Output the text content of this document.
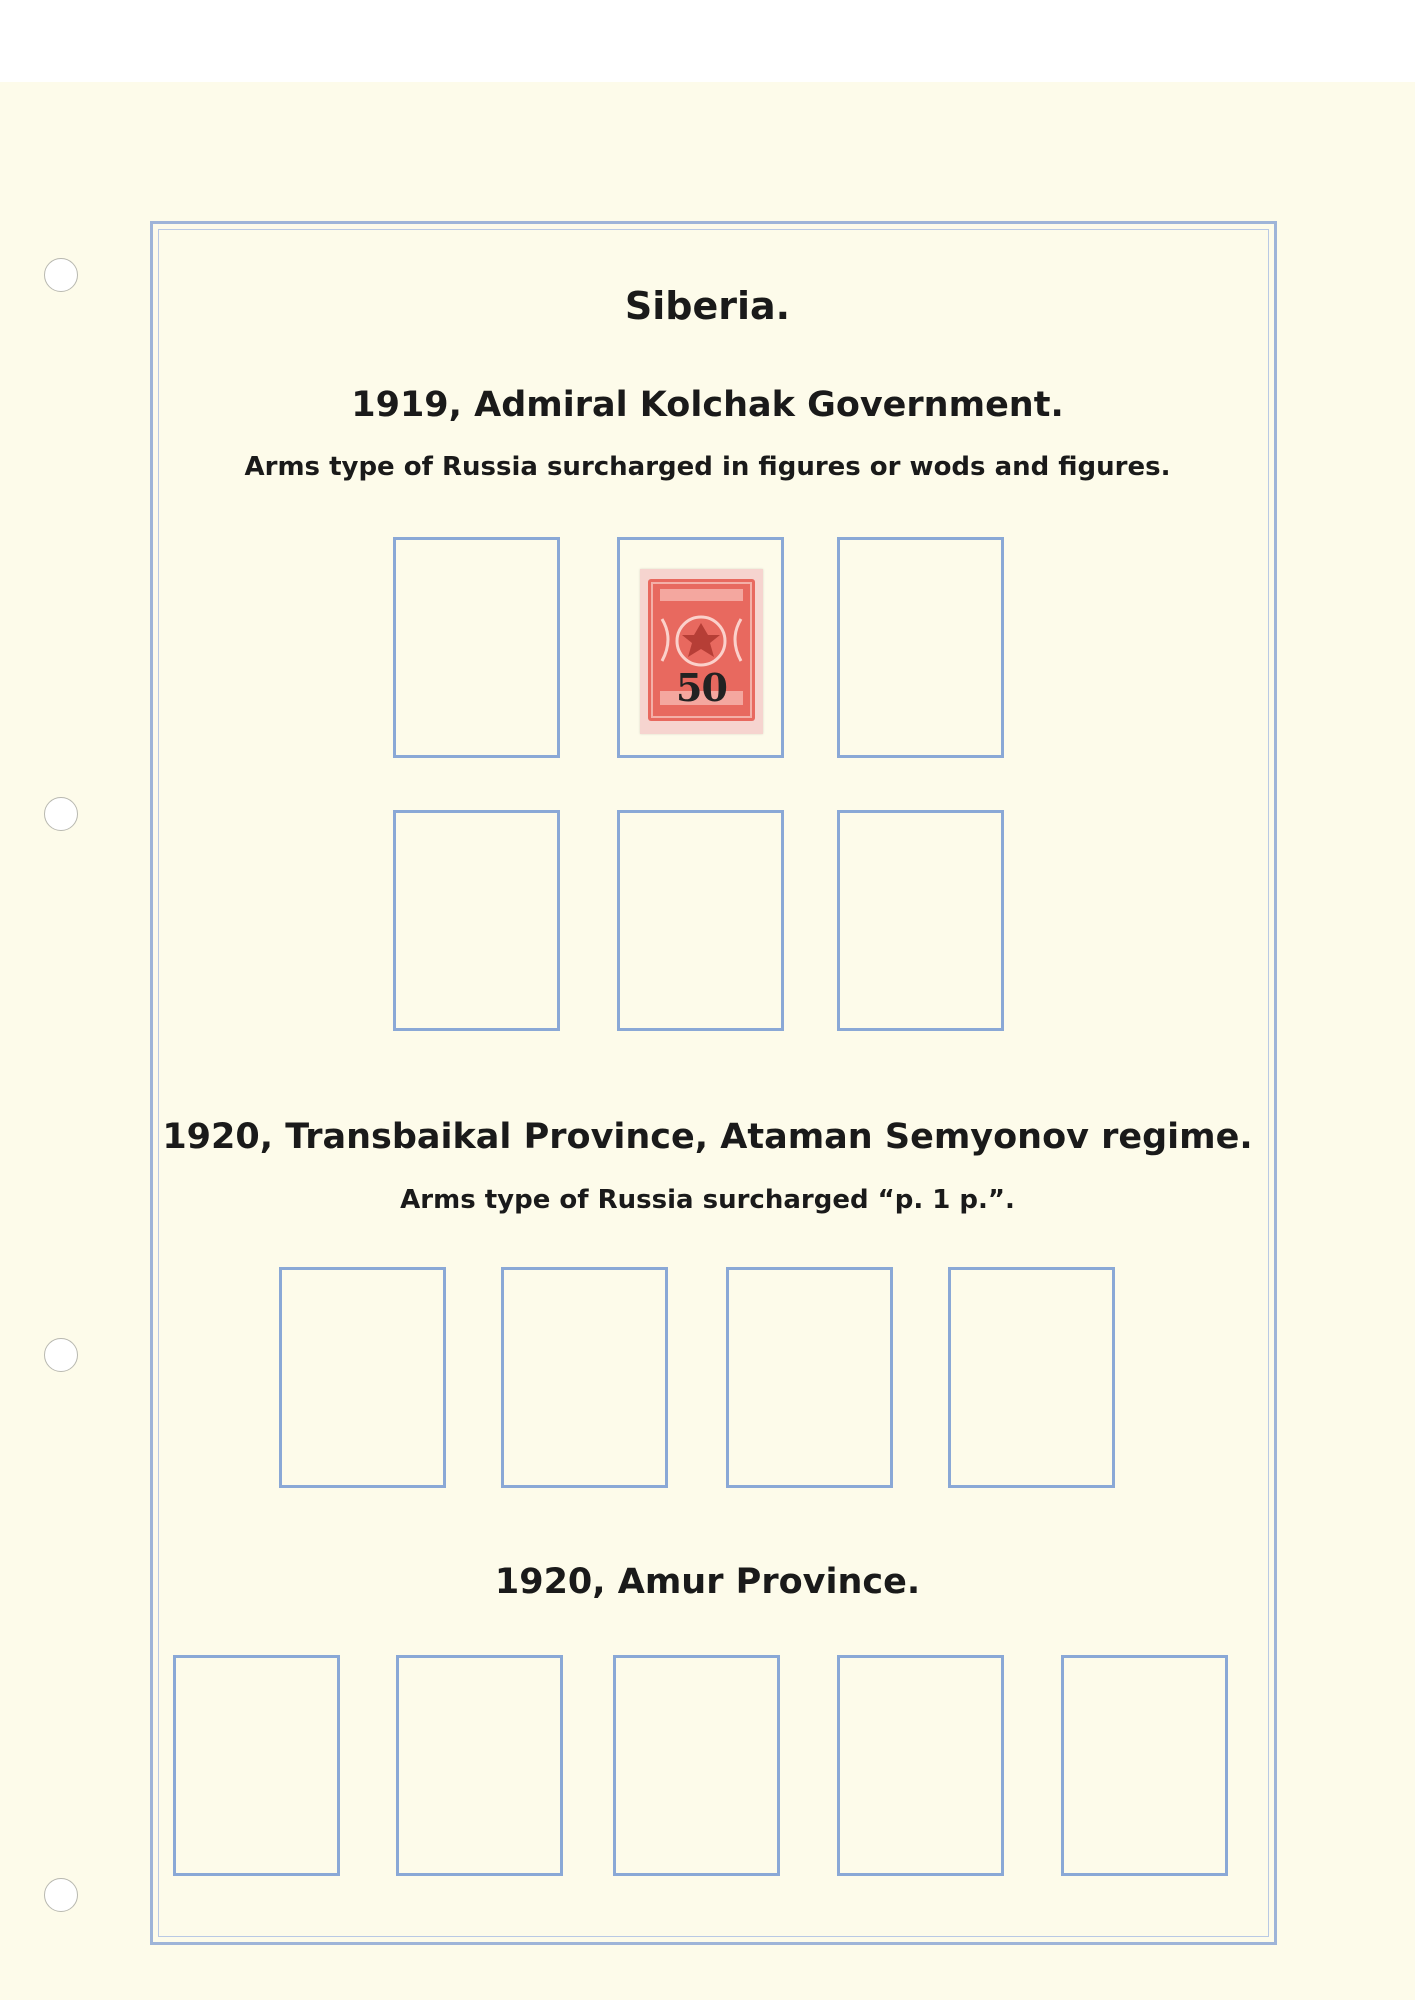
Siberia.
1919, Admiral Kolchak Government.
Arms type of Russia surcharged in figures or wods and figures.
50
1920, Transbaikal Province, Ataman Semyonov regime.
Arms type of Russia surcharged “p. 1 p.”.
1920, Amur Province.
